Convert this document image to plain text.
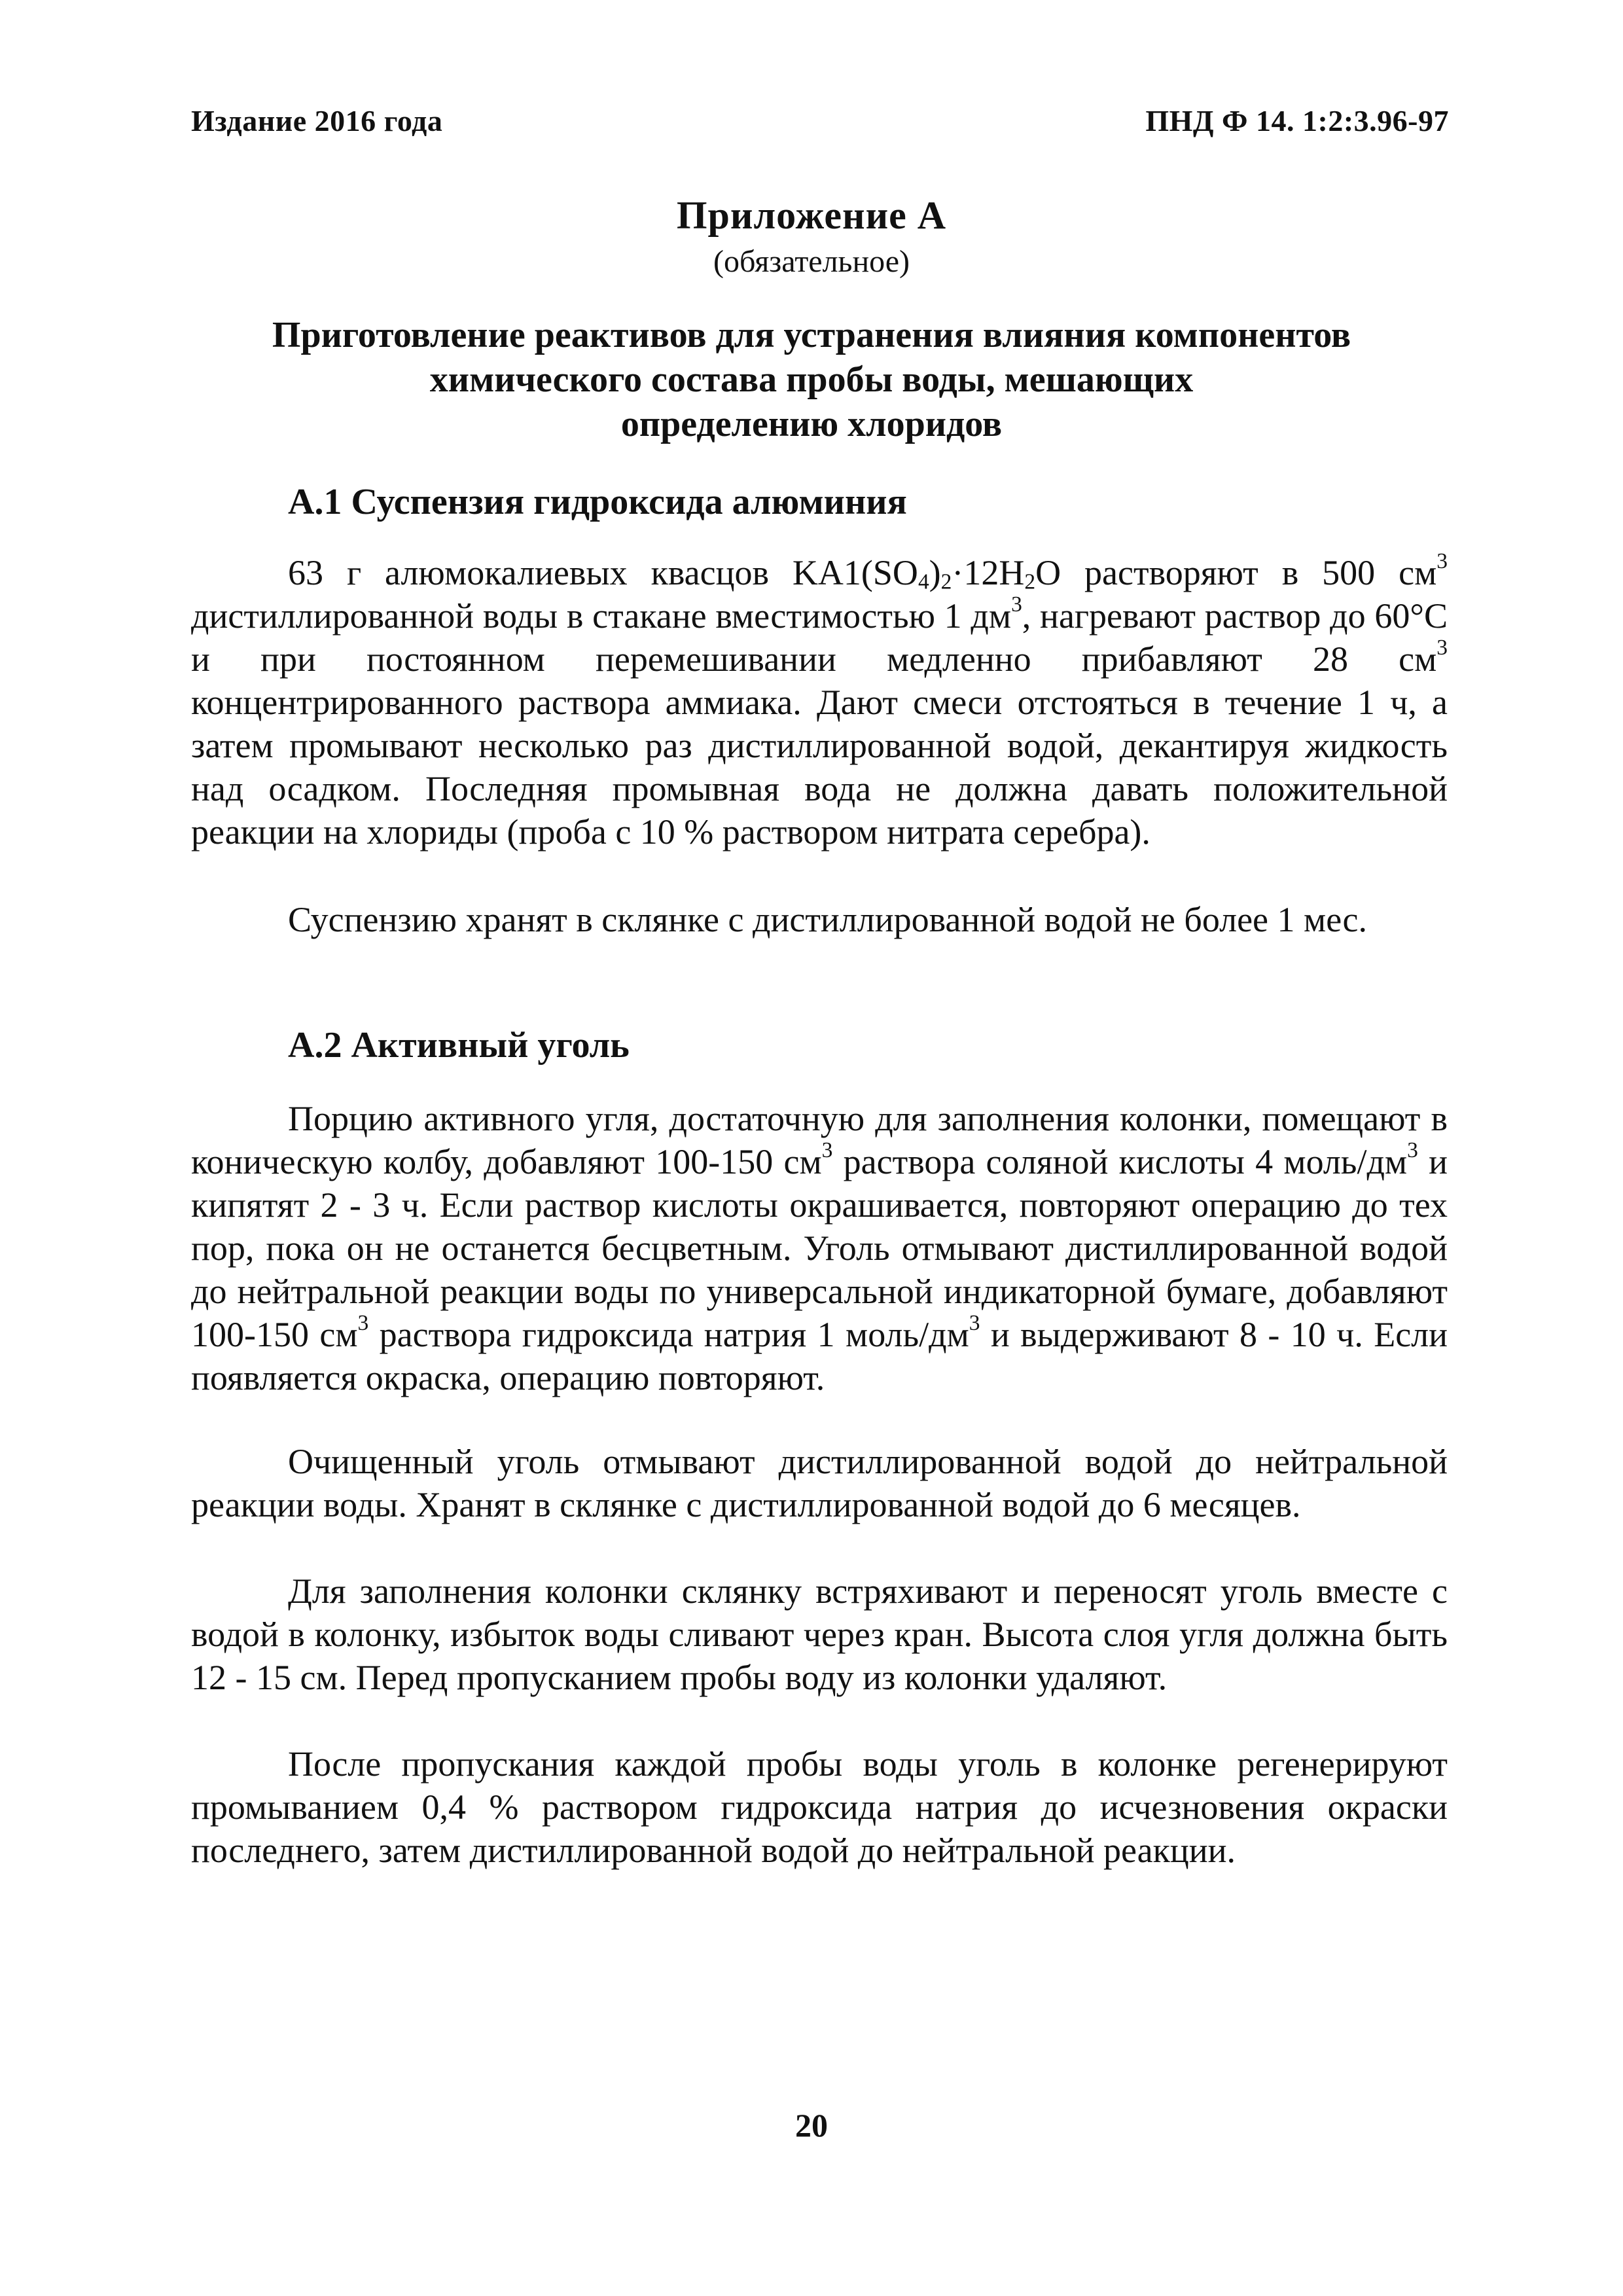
Издание 2016 года	ПНД Ф 14. 1:2:3.96-97
Приложение А
(обязательное)
Приготовление реактивов для устранения влияния компонентов
химического состава пробы воды, мешающих
определению хлоридов
А.1 Суспензия гидроксида алюминия
63 г алюмокалиевых квасцов $KA1(SO_4)_2\cdot 12H_2O$ растворяют в 500 $см^3$ дистиллированной воды в стакане вместимостью 1 $дм^3$, нагревают раствор до 60°С и при постоянном перемешивании медленно прибавляют 28 $см^3$ концентрированного раствора аммиака. Дают смеси отстояться в течение 1 ч, а затем промывают несколько раз дистиллированной водой, декантируя жидкость над осадком. Последняя промывная вода не должна давать положительной реакции на хлориды (проба с 10 % раствором нитрата серебра).
Суспензию хранят в склянке с дистиллированной водой не более 1 мес.
А.2 Активный уголь
Порцию активного угля, достаточную для заполнения колонки, помещают в коническую колбу, добавляют 100-150 $см^3$ раствора соляной кислоты 4 моль/$дм^3$ и кипятят 2 - 3 ч. Если раствор кислоты окрашивается, повторяют операцию до тех пор, пока он не останется бесцветным. Уголь отмывают дистиллированной водой до нейтральной реакции воды по универсальной индикаторной бумаге, добавляют 100-150 $см^3$ раствора гидроксида натрия 1 моль/$дм^3$ и выдерживают 8 - 10 ч. Если появляется окраска, операцию повторяют.
Очищенный уголь отмывают дистиллированной водой до нейтральной реакции воды. Хранят в склянке с дистиллированной водой до 6 месяцев.
Для заполнения колонки склянку встряхивают и переносят уголь вместе с водой в колонку, избыток воды сливают через кран. Высота слоя угля должна быть 12 - 15 см. Перед пропусканием пробы воду из колонки удаляют.
После пропускания каждой пробы воды уголь в колонке регенерируют промыванием 0,4 % раствором гидроксида натрия до исчезновения окраски последнего, затем дистиллированной водой до нейтральной реакции.
20
